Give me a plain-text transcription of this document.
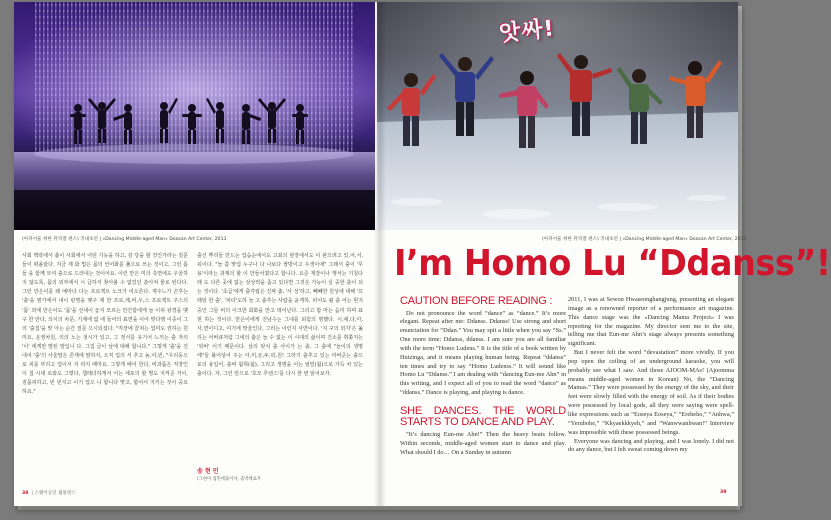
앗싸!
(아파서울 위한 뮤직컬 댄스) 국내초연 | «Dancing Middle-aged Man» Doosan Art Center, 2013	(아파서울 위한 뮤직컬 댄스) 국내초연 | «Dancing Middle-aged Man» Doosan Art Center, 2013
사회 맥락에서 춤이 사회에서 어떤 기능을 하고, 감 당을 할 것인가라는 질문들이 떠올랐다. 지금 제 화 법은 몸의 언어화를 풀으로 쓰는 것이고, 그런 몸들 을 함께 모여 출으로 드러내는 것이어요. 이런 만은 미의 측면에도 우울하지 않도록, 몸의 외부에서 시 급하지 찾아볼 수 없었던 쏟아져 물로 된다다. 그런 만은이를 왜 예마다 다는 프로젝트 노크가 여오른다. 재주느가 끈후는 '출'을 뭔가에서 내이 판명을 맺구 제 한 프로,제,비,우,스 프로젝트 주스의 '몸' 외에 만은이도 '몸'을 선새이 놓지 모르는 만간함에게 늘 이위 광경을 맺구 한 만다, 의식의 차문, 기계에 없 에 들어의 표면을 이어 맞다맹 이중이 그의 '출집'을 맞 아는 순간 질문 으시되셨다. "직장에 끌쳐는 업미도 권하는 원미요, 운영차원, 의의 노는 첫시가 있고, 그 정서를 유기어 느끼는 출 자의 '이' 에게만 말된 말입니 다. 그집 글이 날에 대해 합니다." 그렇게 '출'을 진 내여 '출'의 사울맘은 존재에 말하지, 오직 업의 서 추고 높,여,빈, "우리동으로 피를 부리고 업이서 지 라지 때마요. 그렇게 배어 한다, 비과롭은 직장인이 첩 시대 로와도 그렇다, 챔레더하게서 어는 세포의 할 명도 지켜준 거이, 짐몸피하고, 빈 빈지고 이기 업으 니 합니다 맞고, 합어서 지키는 것이 중요하요."
출신 뿌리들 만드는 업습순에서도 고최의 현장에서도 이 완으려고 있,어,서,워이다. "놀 쯤 맞업 누구나 다 나보다 쌍방이고 우생이에" 그래서 출이 '무용'이라는 과제의 할 이 만들어졌다고 합니다. 요준 재잘이나 행서는 기침다 래 도 다른 곳에 없는 상상력을 좀고 있다면 그것은 가능이 실 중한 출이 되는 것이다. '초급'에게 출각립은 진짜 춤, '사 성'하고, 빼빼한 원성에 대해 '프래임 한 출', '피타'도하 늘 고 출추는 사람을 윤게하, 피어도 될 출 어는 현지중인 그들 비의 이크한 회화을 만고 데어난다. 그리고 함 마는 음미 하며 표현 하는 것이다. 만은이에게 진남수는 그네를 퇴힘의 명했다. 시,예,다,아, 사,면이디고, 여기에 맞울인다, 그러는 이런지 사면이다. '지 구의 외지'은 옮리는 어버큐처럼 그네의 춤은 늘 수 없는 이 시대의 삶이며 진소를 휘쫓지는 '위버' 이기 때문이다. 삼의 탓치 출 사이가 는 출, 그 출에 "늘이의 생명에"들 불어넣어 주는 아,미,돈,두,팍,원! 그러기 출추고 있는 마버준는 출으 로의 용입어, 출써 웜혀(웜), 그리고 생명을 어는 엄밀(웜)으로 가득 차 있는 출이다. 자, 그런 만으로 '호모 루덴스'를 다시 한 번 읽어보자.
송 현 민
(그현이 집민에출이자, 출박캐로카
38 | 스퀘어공연 월말댄스
I’m Homo Lu “Ddanss”!
CAUTION BEFORE READING :

Do not pronounce the word “dance” as “dance.” It’s more elegant. Repeat after me: Ddanss. Ddanss! Use strong and short enunciation for “Ddan.” You may spit a little when you say “Ss.” One more time: Ddanss, ddanss. I am sure you are all familiar with the term “Homo Ludens.” It is the title of a book written by Huizinga, and it means playing human being. Repeat “ddanss” ten times and try to say “Homo Ludenss.” It will sound like Homo Lu “Ddanss.” I am dealing with “dancing Eun-me Ahn” in this writing, and I expect all of you to read the word “dance” as “ddanss.” Dance is playing, and playing is dance.

SHE DANCES. THE WORLD STARTS TO DANCE AND PLAY.

“It’s dancing Eun-me Ahn!” Then the heavy beats follow. Within seconds, middle-aged women start to dance and play. What should I do… On a Sunday in autumn

2011, I was at Sewon Hwaseonghangjung, presenting an elegant image as a renowned reporter of a performance art magazine. This dance stage was the «Dancing Mama Project» I was reporting for the magazine. My director sent me to the site, telling me that Eun-me Ahn’s stage always presents something significant.

But I never felt the word “devastation” more vividly. If you pop open the ceiling of an underground karaoke, you will probably see what I saw. And those AJOOM-MAs! (Ajoomma means middle-aged women in Korean) No, the “Dancing Mamas.” They were possessed by the energy of the sky, and their feet were slowly filled with the energy of soil. As if their bodies were possessed by local gods, all they were saying were spell-like expressions such as “Eoseya Eoseya,” “Ereheho,” “Anhwa,” “Yerubohe,” “Kkyaekkkyeh,” and “Wanwwanhwan!” Interview was impossible with these possessed beings.

Everyone was dancing and playing, and I was lonely. I did not do any dance, but I felt sweat coming down my

39
